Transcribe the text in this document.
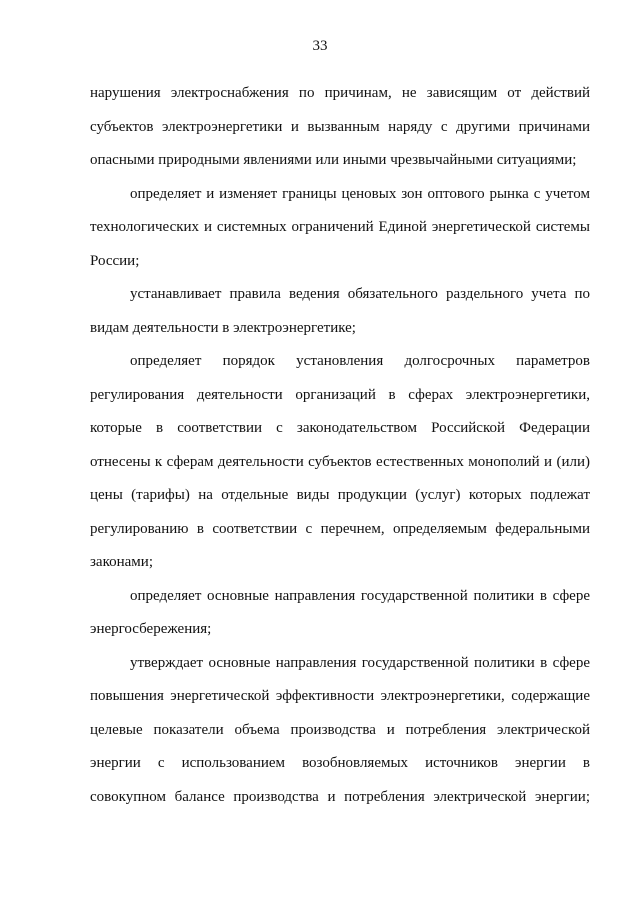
33
нарушения электроснабжения по причинам, не зависящим от действий
субъектов электроэнергетики и вызванным наряду с другими причинами
опасными природными явлениями или иными чрезвычайными ситуациями;
определяет и изменяет границы ценовых зон оптового рынка с учетом
технологических и системных ограничений Единой энергетической системы
России;
устанавливает правила ведения обязательного раздельного учета по
видам деятельности в электроэнергетике;
определяет порядок установления долгосрочных параметров
регулирования деятельности организаций в сферах электроэнергетики,
которые в соответствии с законодательством Российской Федерации
отнесены к сферам деятельности субъектов естественных монополий и (или)
цены (тарифы) на отдельные виды продукции (услуг) которых подлежат
регулированию в соответствии с перечнем, определяемым федеральными
законами;
определяет основные направления государственной политики в сфере
энергосбережения;
утверждает основные направления государственной политики в сфере
повышения энергетической эффективности электроэнергетики, содержащие
целевые показатели объема производства и потребления электрической
энергии с использованием возобновляемых источников энергии в
совокупном балансе производства и потребления электрической энергии;
